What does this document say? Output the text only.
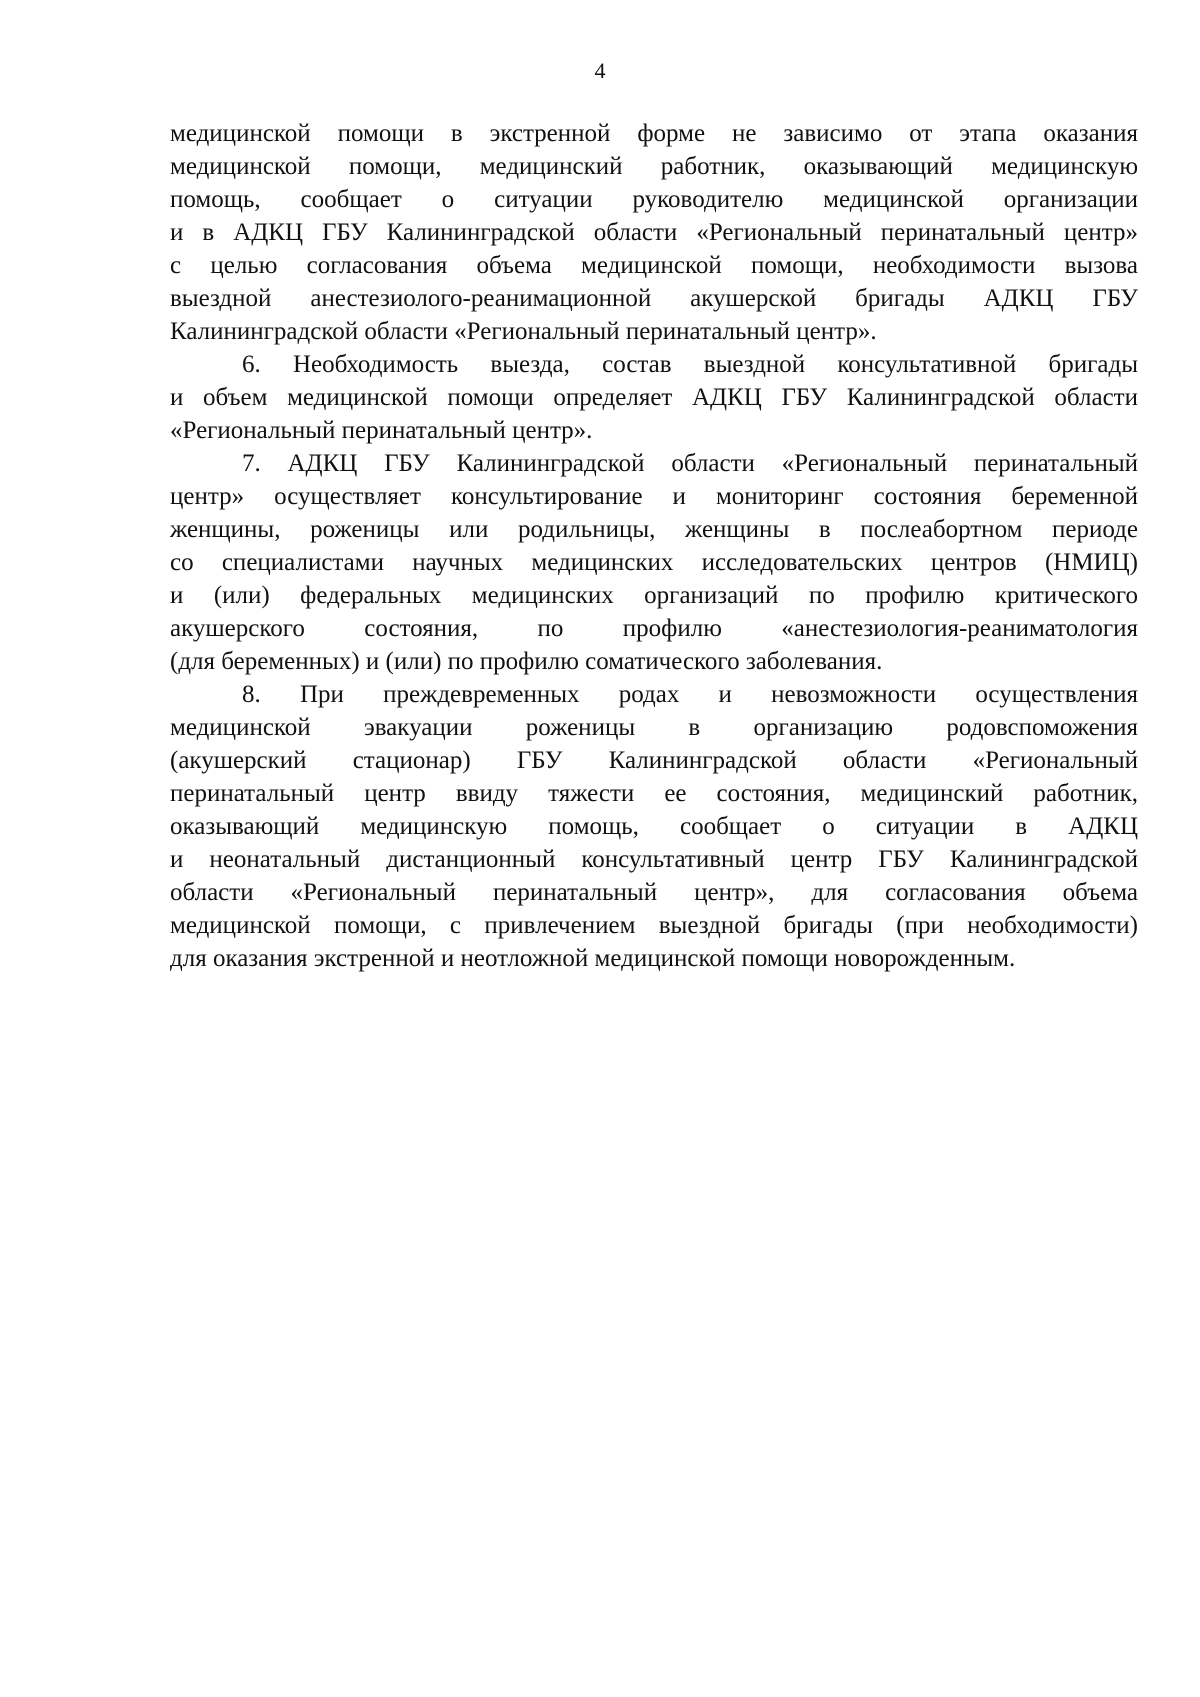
4
медицинской помощи в экстренной форме не зависимо от этапа оказания
медицинской помощи, медицинский работник, оказывающий медицинскую
помощь, сообщает о ситуации руководителю медицинской организации
и в АДКЦ ГБУ Калининградской области «Региональный перинатальный центр»
с целью согласования объема медицинской помощи, необходимости вызова
выездной анестезиолого-реанимационной акушерской бригады АДКЦ ГБУ
Калининградской области «Региональный перинатальный центр».
6. Необходимость выезда, состав выездной консультативной бригады
и объем медицинской помощи определяет АДКЦ ГБУ Калининградской области
«Региональный перинатальный центр».
7. АДКЦ ГБУ Калининградской области «Региональный перинатальный
центр» осуществляет консультирование и мониторинг состояния беременной
женщины, роженицы или родильницы, женщины в послеабортном периоде
со специалистами научных медицинских исследовательских центров (НМИЦ)
и (или) федеральных медицинских организаций по профилю критического
акушерского состояния, по профилю «анестезиология-реаниматология
(для беременных) и (или) по профилю соматического заболевания.
8. При преждевременных родах и невозможности осуществления
медицинской эвакуации роженицы в организацию родовспоможения
(акушерский стационар) ГБУ Калининградской области «Региональный
перинатальный центр ввиду тяжести ее состояния, медицинский работник,
оказывающий медицинскую помощь, сообщает о ситуации в АДКЦ
и неонатальный дистанционный консультативный центр ГБУ Калининградской
области «Региональный перинатальный центр», для согласования объема
медицинской помощи, с привлечением выездной бригады (при необходимости)
для оказания экстренной и неотложной медицинской помощи новорожденным.
